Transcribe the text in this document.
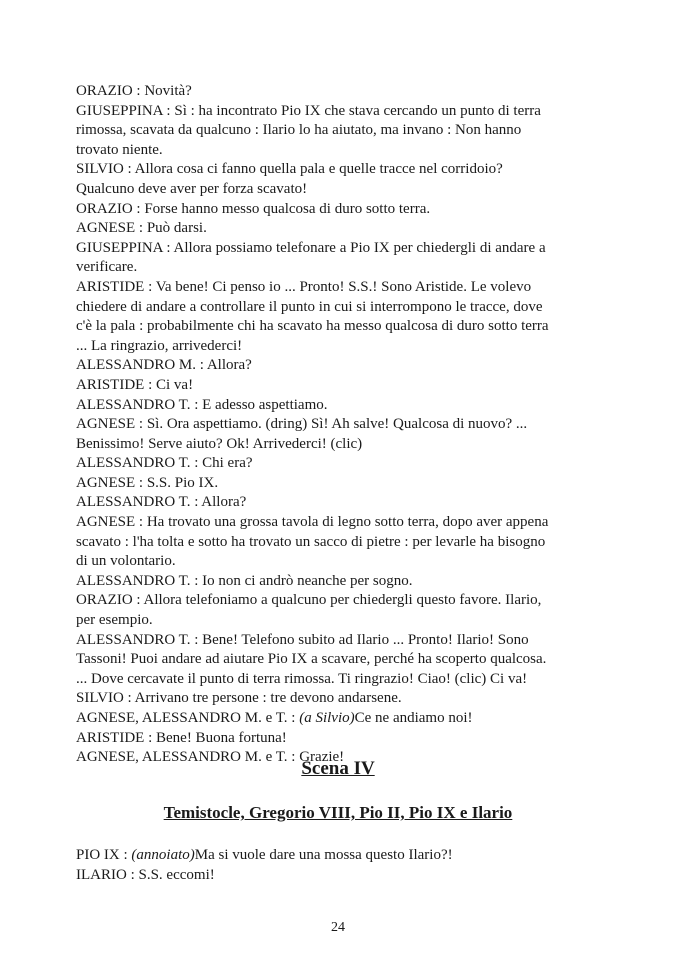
ORAZIO : Novità?

GIUSEPPINA : Sì : ha incontrato Pio IX che stava cercando un punto di terra

rimossa, scavata da qualcuno : Ilario lo ha aiutato, ma invano : Non hanno

trovato niente.

SILVIO : Allora cosa ci fanno quella pala e quelle tracce nel corridoio?

Qualcuno deve aver per forza scavato!

ORAZIO : Forse hanno messo qualcosa di duro sotto terra.

AGNESE : Può darsi.

GIUSEPPINA : Allora possiamo telefonare a Pio IX per chiedergli di andare a

verificare.

ARISTIDE : Va bene! Ci penso io ... Pronto! S.S.! Sono Aristide. Le volevo

chiedere di andare a controllare il punto in cui si interrompono le tracce, dove

c'è la pala : probabilmente chi ha scavato ha messo qualcosa di duro sotto terra

... La ringrazio, arrivederci!

ALESSANDRO M. : Allora?

ARISTIDE : Ci va!

ALESSANDRO T. : E adesso aspettiamo.

AGNESE : Sì. Ora aspettiamo. (dring) Sì! Ah salve! Qualcosa di nuovo? ...

Benissimo! Serve aiuto? Ok! Arrivederci! (clic)

ALESSANDRO T. : Chi era?

AGNESE : S.S. Pio IX.

ALESSANDRO T. : Allora?

AGNESE : Ha trovato una grossa tavola di legno sotto terra, dopo aver appena

scavato : l'ha tolta e sotto ha trovato un sacco di pietre : per levarle ha bisogno

di un volontario.

ALESSANDRO T. : Io non ci andrò neanche per sogno.

ORAZIO : Allora telefoniamo a qualcuno per chiedergli questo favore. Ilario,

per esempio.

ALESSANDRO T. : Bene! Telefono subito ad Ilario ... Pronto! Ilario! Sono

Tassoni! Puoi andare ad aiutare Pio IX a scavare, perché ha scoperto qualcosa.

... Dove cercavate il punto di terra rimossa. Ti ringrazio! Ciao! (clic) Ci va!

SILVIO : Arrivano tre persone : tre devono andarsene.

AGNESE, ALESSANDRO M. e T. : (a Silvio)Ce ne andiamo noi!

ARISTIDE : Bene! Buona fortuna!

AGNESE, ALESSANDRO M. e T. : Grazie!

Scena IV
Temistocle, Gregorio VIII, Pio II, Pio IX e Ilario

PIO IX : (annoiato)Ma si vuole dare una mossa questo Ilario?!

ILARIO : S.S. eccomi!

24
